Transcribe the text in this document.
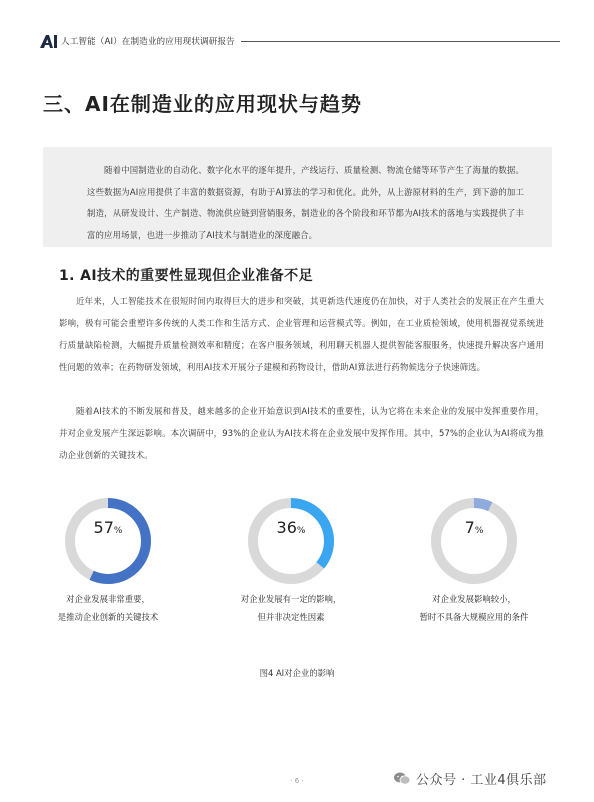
人工智能（AI）在制造业的应用现状调研报告
三、AI在制造业的应用现状与趋势

随着中国制造业的自动化、数字化水平的逐年提升，产线运行、质量检测、物流仓储等环节产生了海量的数据。这些数据为AI应用提供了丰富的数据资源，有助于AI算法的学习和优化。此外，从上游原材料的生产，到下游的加工制造，从研发设计、生产制造、物流供应链到营销服务，制造业的各个阶段和环节都为AI技术的落地与实践提供了丰富的应用场景，也进一步推动了AI技术与制造业的深度融合。

1. AI技术的重要性显现但企业准备不足

近年来，人工智能技术在很短时间内取得巨大的进步和突破，其更新迭代速度仍在加快，对于人类社会的发展正在产生重大影响，极有可能会重塑许多传统的人类工作和生活方式、企业管理和运营模式等。例如，在工业质检领域，使用机器视觉系统进行质量缺陷检测，大幅提升质量检测效率和精度；在客户服务领域，利用聊天机器人提供智能客服服务，快速提升解决客户通用性问题的效率；在药物研发领域，利用AI技术开展分子建模和药物设计，借助AI算法进行药物候选分子快速筛选。

随着AI技术的不断发展和普及，越来越多的企业开始意识到AI技术的重要性，认为它将在未来企业的发展中发挥重要作用，并对企业发展产生深远影响。本次调研中，93%的企业认为AI技术将在企业发展中发挥作用。其中，57%的企业认为AI将成为推动企业创新的关键技术。

57%	36%	7%
对企业发展非常重要，
是推动企业创新的关键技术
对企业发展有一定的影响，
但并非决定性因素
对企业发展影响较小，
暂时不具备大规模应用的条件
图4 AI对企业的影响
· 6 ·	公众号 · 工业4俱乐部
